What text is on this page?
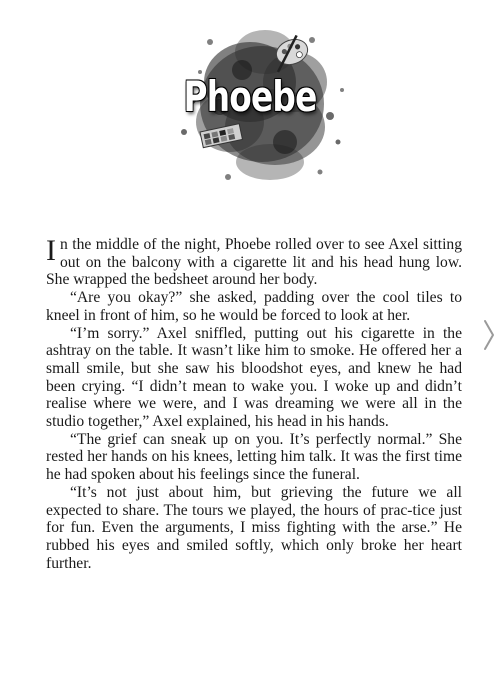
Phoebe

In the middle of the night, Phoebe rolled over to see Axel sitting out on the balcony with a cigarette lit and his head hung low. She wrapped the bedsheet around her body.

“Are you okay?” she asked, padding over the cool tiles to kneel in front of him, so he would be forced to look at her.

“I’m sorry.” Axel sniffled, putting out his cigarette in the ashtray on the table. It wasn’t like him to smoke. He offered her a small smile, but she saw his bloodshot eyes, and knew he had been crying. “I didn’t mean to wake you. I woke up and didn’t realise where we were, and I was dreaming we were all in the studio together,” Axel explained, his head in his hands.

“The grief can sneak up on you. It’s perfectly normal.” She rested her hands on his knees, letting him talk. It was the first time he had spoken about his feelings since the funeral.

“It’s not just about him, but grieving the future we all expected to share. The tours we played, the hours of prac-tice just for fun. Even the arguments, I miss fighting with the arse.” He rubbed his eyes and smiled softly, which only broke her heart further.
